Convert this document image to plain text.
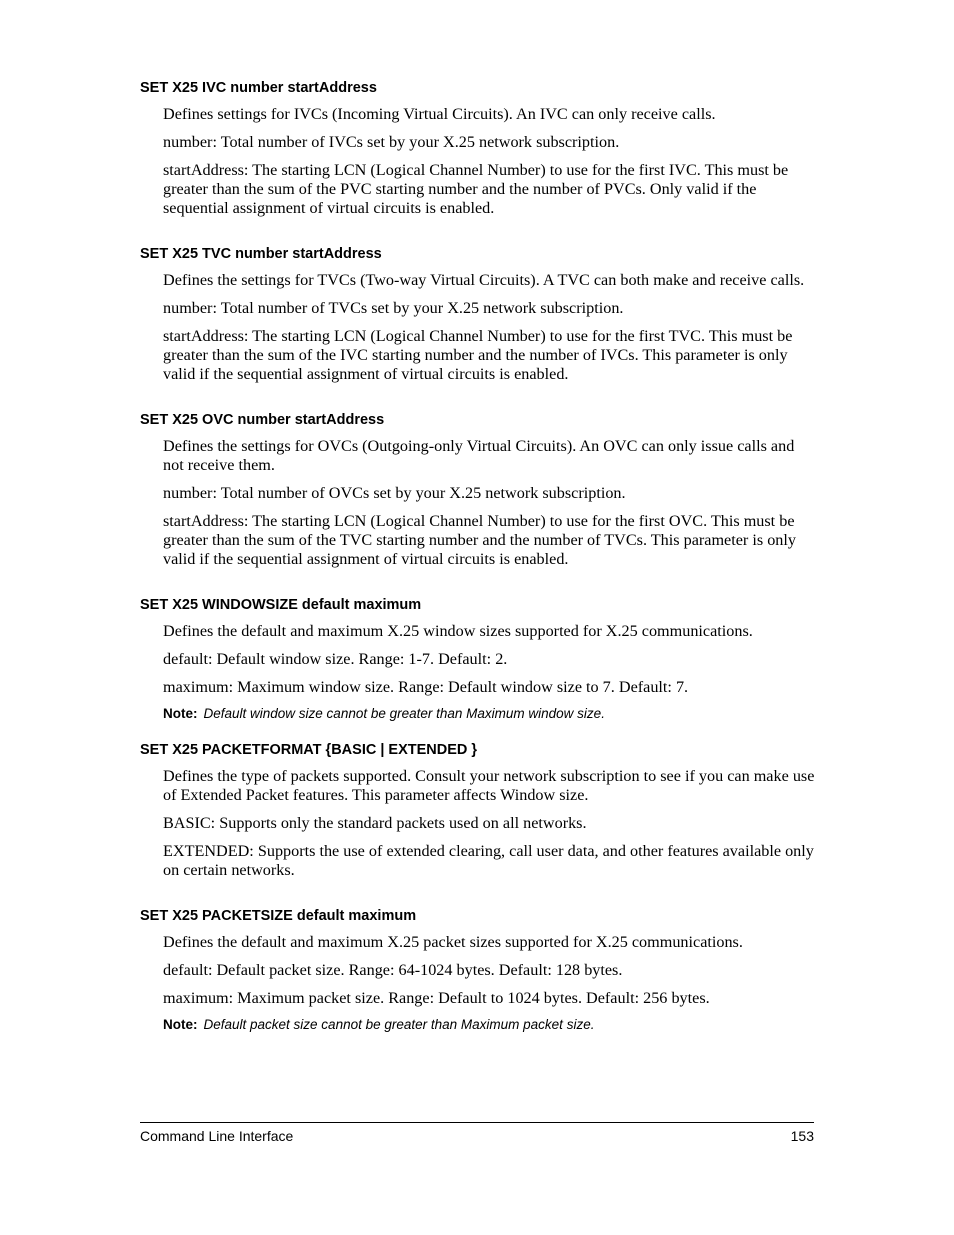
SET X25 IVC number startAddress

Defines settings for IVCs (Incoming Virtual Circuits). An IVC can only receive calls.

number: Total number of IVCs set by your X.25 network subscription.

startAddress: The starting LCN (Logical Channel Number) to use for the first IVC. This must be greater than the sum of the PVC starting number and the number of PVCs. Only valid if the sequential assignment of virtual circuits is enabled.

SET X25 TVC number startAddress

Defines the settings for TVCs (Two-way Virtual Circuits). A TVC can both make and receive calls.

number: Total number of TVCs set by your X.25 network subscription.

startAddress: The starting LCN (Logical Channel Number) to use for the first TVC. This must be greater than the sum of the IVC starting number and the number of IVCs. This parameter is only valid if the sequential assignment of virtual circuits is enabled.

SET X25 OVC number startAddress

Defines the settings for OVCs (Outgoing-only Virtual Circuits). An OVC can only issue calls and not receive them.

number: Total number of OVCs set by your X.25 network subscription.

startAddress: The starting LCN (Logical Channel Number) to use for the first OVC. This must be greater than the sum of the TVC starting number and the number of TVCs. This parameter is only valid if the sequential assignment of virtual circuits is enabled.

SET X25 WINDOWSIZE default maximum

Defines the default and maximum X.25 window sizes supported for X.25 communications.

default: Default window size. Range: 1-7. Default: 2.

maximum: Maximum window size. Range: Default window size to 7. Default: 7.

Note: Default window size cannot be greater than Maximum window size.
SET X25 PACKETFORMAT {BASIC | EXTENDED }

Defines the type of packets supported. Consult your network subscription to see if you can make use of Extended Packet features. This parameter affects Window size.

BASIC: Supports only the standard packets used on all networks.

EXTENDED: Supports the use of extended clearing, call user data, and other features available only on certain networks.

SET X25 PACKETSIZE default maximum

Defines the default and maximum X.25 packet sizes supported for X.25 communications.

default: Default packet size. Range: 64-1024 bytes. Default: 128 bytes.

maximum: Maximum packet size. Range: Default to 1024 bytes. Default: 256 bytes.

Note: Default packet size cannot be greater than Maximum packet size.
Command Line Interface	153
